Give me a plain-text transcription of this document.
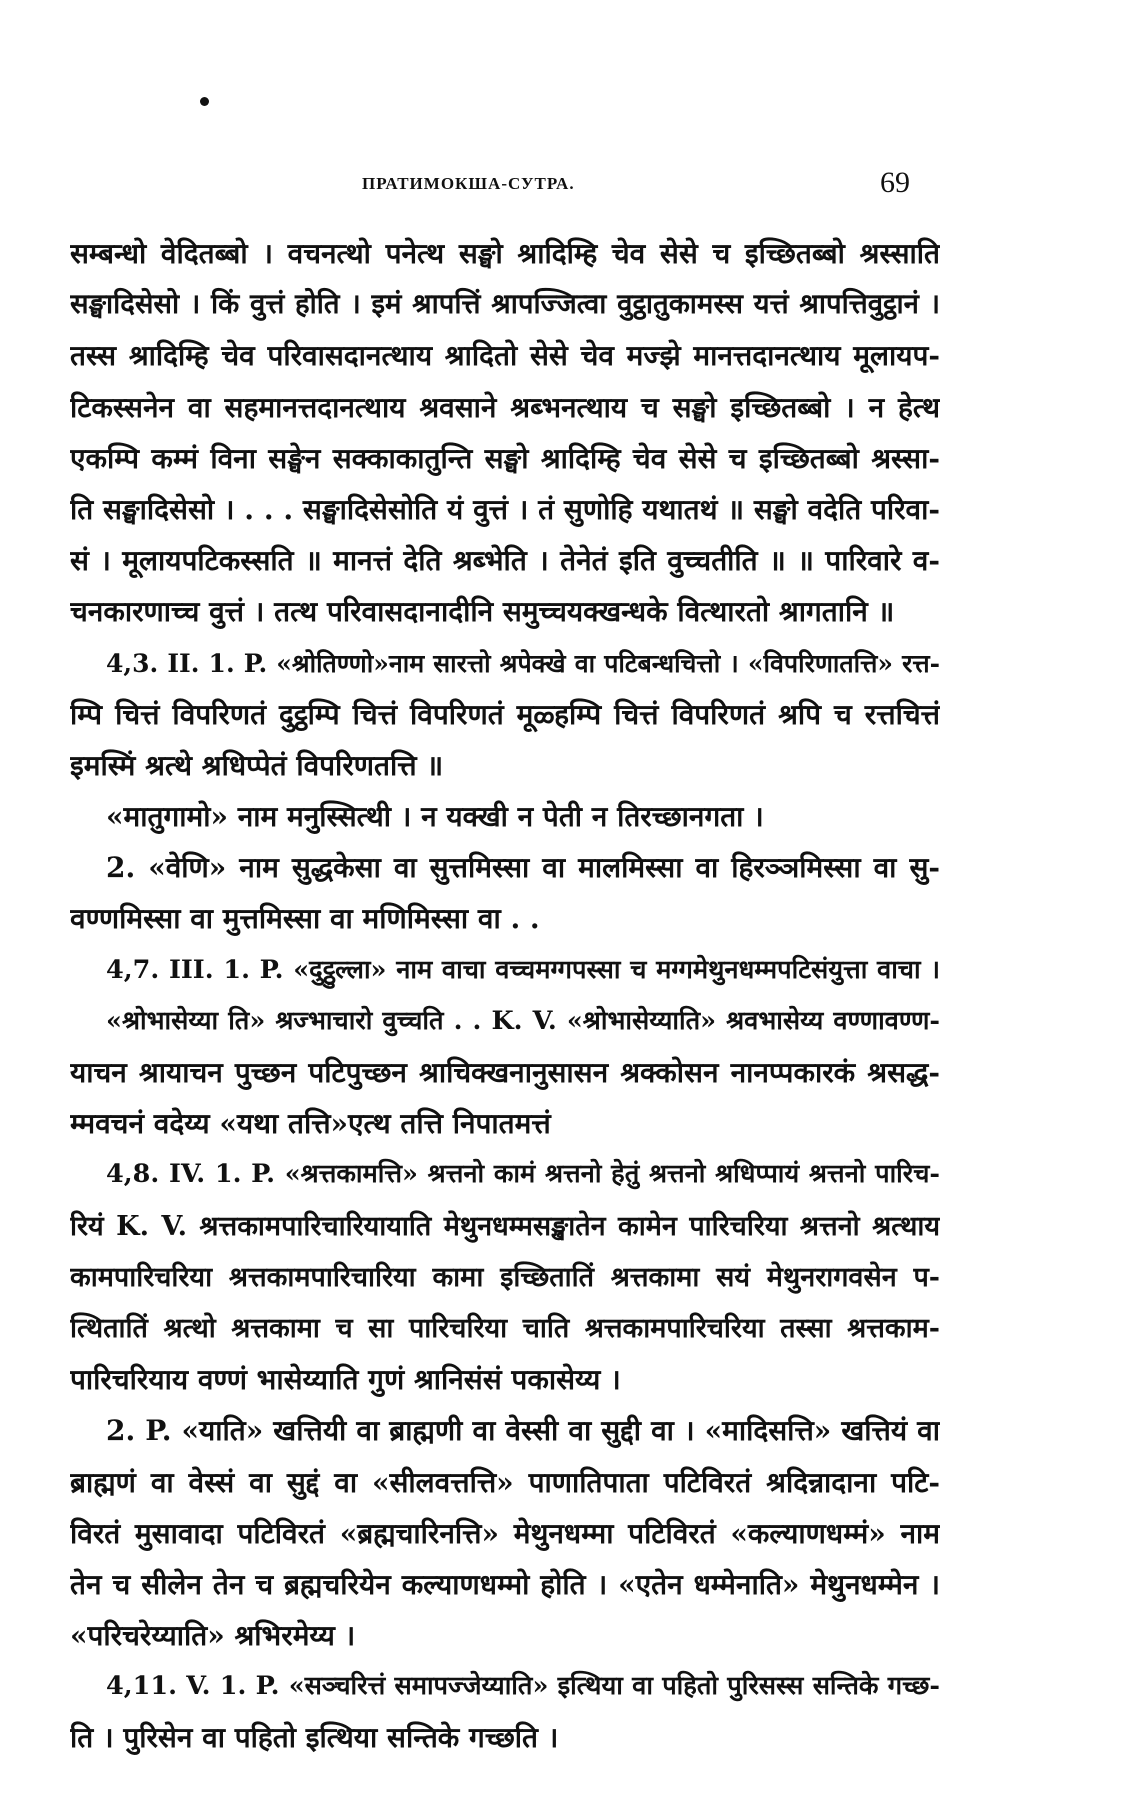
ПРАТИМОКША-СУТРА.	69
सम्बन्धो वेदितब्बो । वचनत्थो पनेत्थ सङ्घो श्रादिम्हि चेव सेसे च इच्छितब्बो श्रस्साति
सङ्घादिसेसो । किं वुत्तं होति । इमं श्रापत्तिं श्रापज्जित्वा वुट्ठातुकामस्स यत्तं श्रापत्तिवुट्ठानं ।
तस्स श्रादिम्हि चेव परिवासदानत्थाय श्रादितो सेसे चेव मज्झे मानत्तदानत्थाय मूलायप-
टिकस्सनेन वा सहमानत्तदानत्थाय श्रवसाने श्रब्भनत्थाय च सङ्घो इच्छितब्बो । न हेत्थ
एकम्पि कम्मं विना सङ्घेन सक्काकातुन्ति सङ्घो श्रादिम्हि चेव सेसे च इच्छितब्बो श्रस्सा-
ति सङ्घादिसेसो । . . . सङ्घादिसेसोति यं वुत्तं । तं सुणोहि यथातथं ॥ सङ्घो वदेति परिवा-
सं । मूलायपटिकस्सति ॥ मानत्तं देति श्रब्भेति । तेनेतं इति वुच्चतीति ॥ ॥ पारिवारे व-
चनकारणाच्च वुत्तं । तत्थ परिवासदानादीनि समुच्चयक्खन्धके वित्थारतो श्रागतानि ॥
4,3. II. 1. P. «श्रोतिण्णो»नाम सारत्तो श्रपेक्खे वा पटिबन्धचित्तो । «विपरिणातत्ति» रत्त-
म्पि चित्तं विपरिणतं दुट्ठम्पि चित्तं विपरिणतं मूळ्हम्पि चित्तं विपरिणतं श्रपि च रत्तचित्तं
इमस्मिं श्रत्थे श्रधिप्पेतं विपरिणतत्ति ॥
«मातुगामो» नाम मनुस्सित्थी । न यक्खी न पेती न तिरच्छानगता ।
2. «वेणि» नाम सुद्धकेसा वा सुत्तमिस्सा वा मालमिस्सा वा हिरञ्ञमिस्सा वा सु-
वण्णमिस्सा वा मुत्तमिस्सा वा मणिमिस्सा वा . .
4,7. III. 1. P. «दुट्ठुल्ला» नाम वाचा वच्चमग्गपस्सा च मग्गमेथुनधम्मपटिसंयुत्ता वाचा ।
«श्रोभासेय्या ति» श्रज्भाचारो वुच्चति . . K. V. «श्रोभासेय्याति» श्रवभासेय्य वण्णावण्ण-
याचन श्रायाचन पुच्छन पटिपुच्छन श्राचिक्खनानुसासन श्रक्कोसन नानप्पकारकं श्रसद्ध-
म्मवचनं वदेय्य «यथा तत्ति»एत्थ तत्ति निपातमत्तं
4,8. IV. 1. P. «श्रत्तकामत्ति» श्रत्तनो कामं श्रत्तनो हेतुं श्रत्तनो श्रधिप्पायं श्रत्तनो पारिच-
रियं K. V. श्रत्तकामपारिचारियायाति मेथुनधम्मसङ्खातेन कामेन पारिचरिया श्रत्तनो श्रत्थाय
कामपारिचरिया श्रत्तकामपारिचारिया कामा इच्छितातिं श्रत्तकामा सयं मेथुनरागवसेन प-
त्थितातिं श्रत्थो श्रत्तकामा च सा पारिचरिया चाति श्रत्तकामपारिचरिया तस्सा श्रत्तकाम-
पारिचरियाय वण्णं भासेय्याति गुणं श्रानिसंसं पकासेय्य ।
2. P. «याति» खत्तियी वा ब्राह्मणी वा वेस्सी वा सुद्दी वा । «मादिसत्ति» खत्तियं वा
ब्राह्मणं वा वेस्सं वा सुद्दं वा «सीलवत्तत्ति» पाणातिपाता पटिविरतं श्रदिन्नादाना पटि-
विरतं मुसावादा पटिविरतं «ब्रह्मचारिनत्ति» मेथुनधम्मा पटिविरतं «कल्याणधम्मं» नाम
तेन च सीलेन तेन च ब्रह्मचरियेन कल्याणधम्मो होति । «एतेन धम्मेनाति» मेथुनधम्मेन ।
«परिचरेय्याति» श्रभिरमेय्य ।
4,11. V. 1. P. «सञ्चरित्तं समापज्जेय्याति» इत्थिया वा पहितो पुरिसस्स सन्तिके गच्छ-
ति । पुरिसेन वा पहितो इत्थिया सन्तिके गच्छति ।
